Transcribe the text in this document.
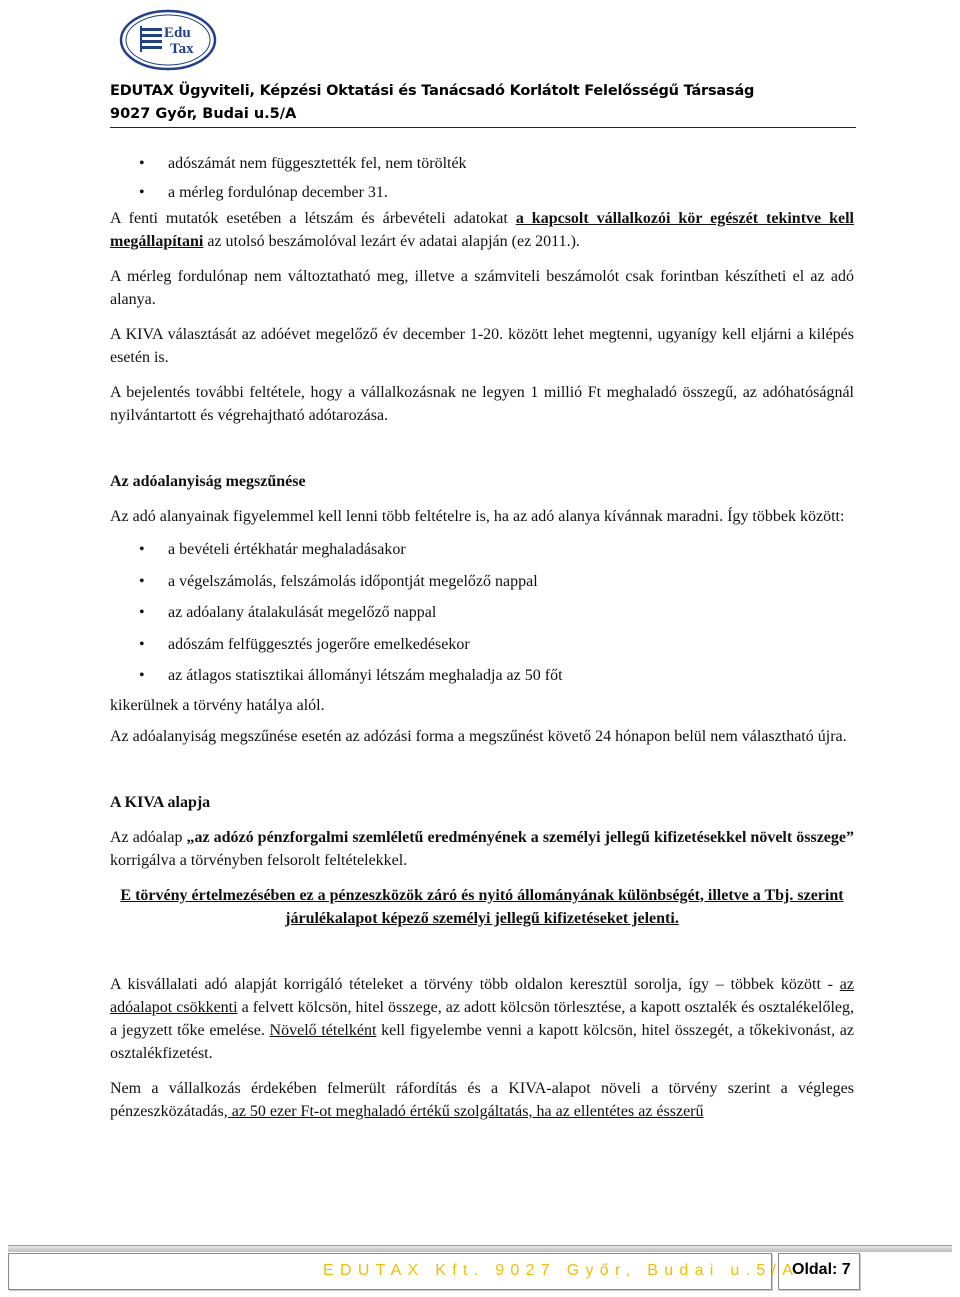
Edu
Tax
EDUTAX Ügyviteli, Képzési Oktatási és Tanácsadó Korlátolt Felelősségű Társaság
9027 Győr, Budai u.5/A
• adószámát nem függesztették fel, nem törölték
• a mérleg fordulónap december 31.

A fenti mutatók esetében a létszám és árbevételi adatokat a kapcsolt vállalkozói kör egészét tekintve kell megállapítani az utolsó beszámolóval lezárt év adatai alapján (ez 2011.).

A mérleg fordulónap nem változtatható meg, illetve a számviteli beszámolót csak forintban készítheti el az adó alanya.

A KIVA választását az adóévet megelőző év december 1-20. között lehet megtenni, ugyanígy kell eljárni a kilépés esetén is.

A bejelentés további feltétele, hogy a vállalkozásnak ne legyen 1 millió Ft meghaladó összegű, az adóhatóságnál nyilvántartott és végrehajtható adótarozása.

Az adóalanyiság megszűnése

Az adó alanyainak figyelemmel kell lenni több feltételre is, ha az adó alanya kívánnak maradni. Így többek között:

• a bevételi értékhatár meghaladásakor
• a végelszámolás, felszámolás időpontját megelőző nappal
• az adóalany átalakulását megelőző nappal
• adószám felfüggesztés jogerőre emelkedésekor
• az átlagos statisztikai állományi létszám meghaladja az 50 főt

kikerülnek a törvény hatálya alól.

Az adóalanyiság megszűnése esetén az adózási forma a megszűnést követő 24 hónapon belül nem választható újra.

A KIVA alapja

Az adóalap „az adózó pénzforgalmi szemléletű eredményének a személyi jellegű kifizetésekkel növelt összege” korrigálva a törvényben felsorolt feltételekkel.

E törvény értelmezésében ez a pénzeszközök záró és nyitó állományának különbségét, illetve a Tbj. szerint járulékalapot képező személyi jellegű kifizetéseket jelenti.

A kisvállalati adó alapját korrigáló tételeket a törvény több oldalon keresztül sorolja, így – többek között - az adóalapot csökkenti a felvett kölcsön, hitel összege, az adott kölcsön törlesztése, a kapott osztalék és osztalékelőleg, a jegyzett tőke emelése. Növelő tételként kell figyelembe venni a kapott kölcsön, hitel összegét, a tőkekivonást, az osztalékfizetést.

Nem a vállalkozás érdekében felmerült ráfordítás és a KIVA-alapot növeli a törvény szerint a végleges pénzeszközátadás, az 50 ezer Ft-ot meghaladó értékű szolgáltatás, ha az ellentétes az ésszerű

EDUTAX Kft. 9027 Győr, Budai u.5/A
Oldal: 7
